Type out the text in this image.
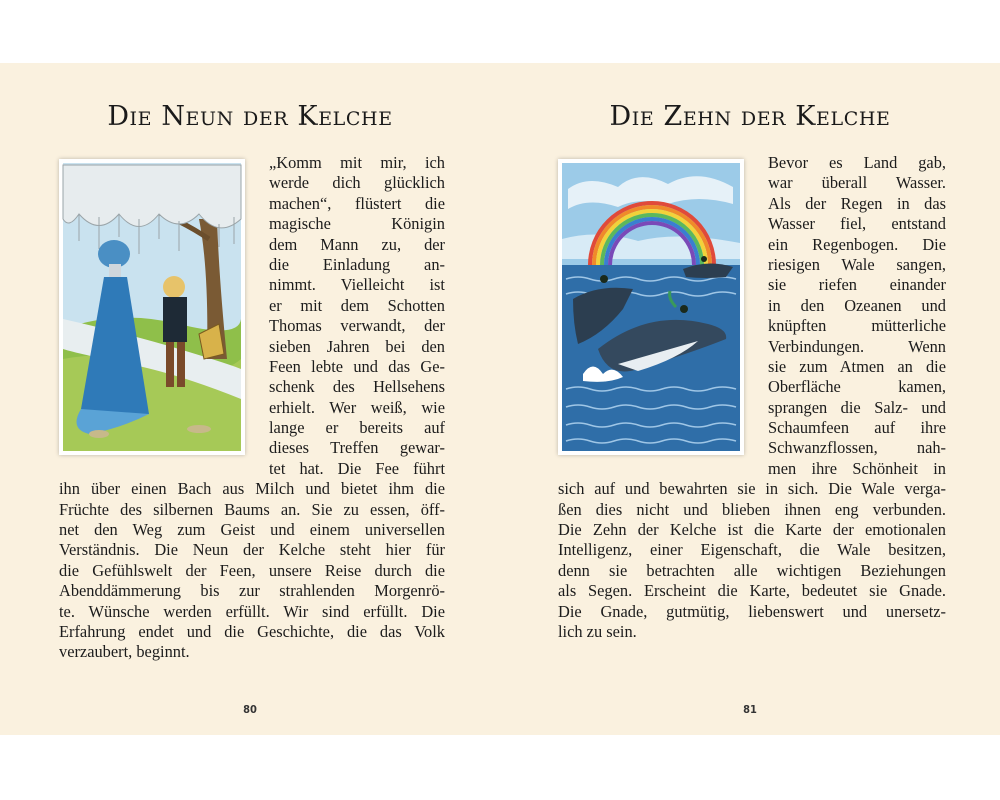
Die Neun der Kelche
„Komm mit mir, ich
werde dich glücklich
machen“, flüstert die
magische Königin
dem Mann zu, der
die Einladung an-
nimmt. Vielleicht ist
er mit dem Schotten
Thomas verwandt, der
sieben Jahren bei den
Feen lebte und das Ge-
schenk des Hellsehens
erhielt. Wer weiß, wie
lange er bereits auf
dieses Treffen gewar-
tet hat. Die Fee führt
ihn über einen Bach aus Milch und bietet ihm die
Früchte des silbernen Baums an. Sie zu essen, öff-
net den Weg zum Geist und einem universellen
Verständnis. Die Neun der Kelche steht hier für
die Gefühlswelt der Feen, unsere Reise durch die
Abenddämmerung bis zur strahlenden Morgenrö-
te. Wünsche werden erfüllt. Wir sind erfüllt. Die
Erfahrung endet und die Geschichte, die das Volk
verzaubert, beginnt.
80
Die Zehn der Kelche
Bevor es Land gab,
war überall Wasser.
Als der Regen in das
Wasser fiel, entstand
ein Regenbogen. Die
riesigen Wale sangen,
sie riefen einander
in den Ozeanen und
knüpften mütterliche
Verbindungen. Wenn
sie zum Atmen an die
Oberfläche kamen,
sprangen die Salz- und
Schaumfeen auf ihre
Schwanzflossen, nah-
men ihre Schönheit in
sich auf und bewahrten sie in sich. Die Wale verga-
ßen dies nicht und blieben ihnen eng verbunden.
Die Zehn der Kelche ist die Karte der emotionalen
Intelligenz, einer Eigenschaft, die Wale besitzen,
denn sie betrachten alle wichtigen Beziehungen
als Segen. Erscheint die Karte, bedeutet sie Gnade.
Die Gnade, gutmütig, liebenswert und unersetz-
lich zu sein.
81
